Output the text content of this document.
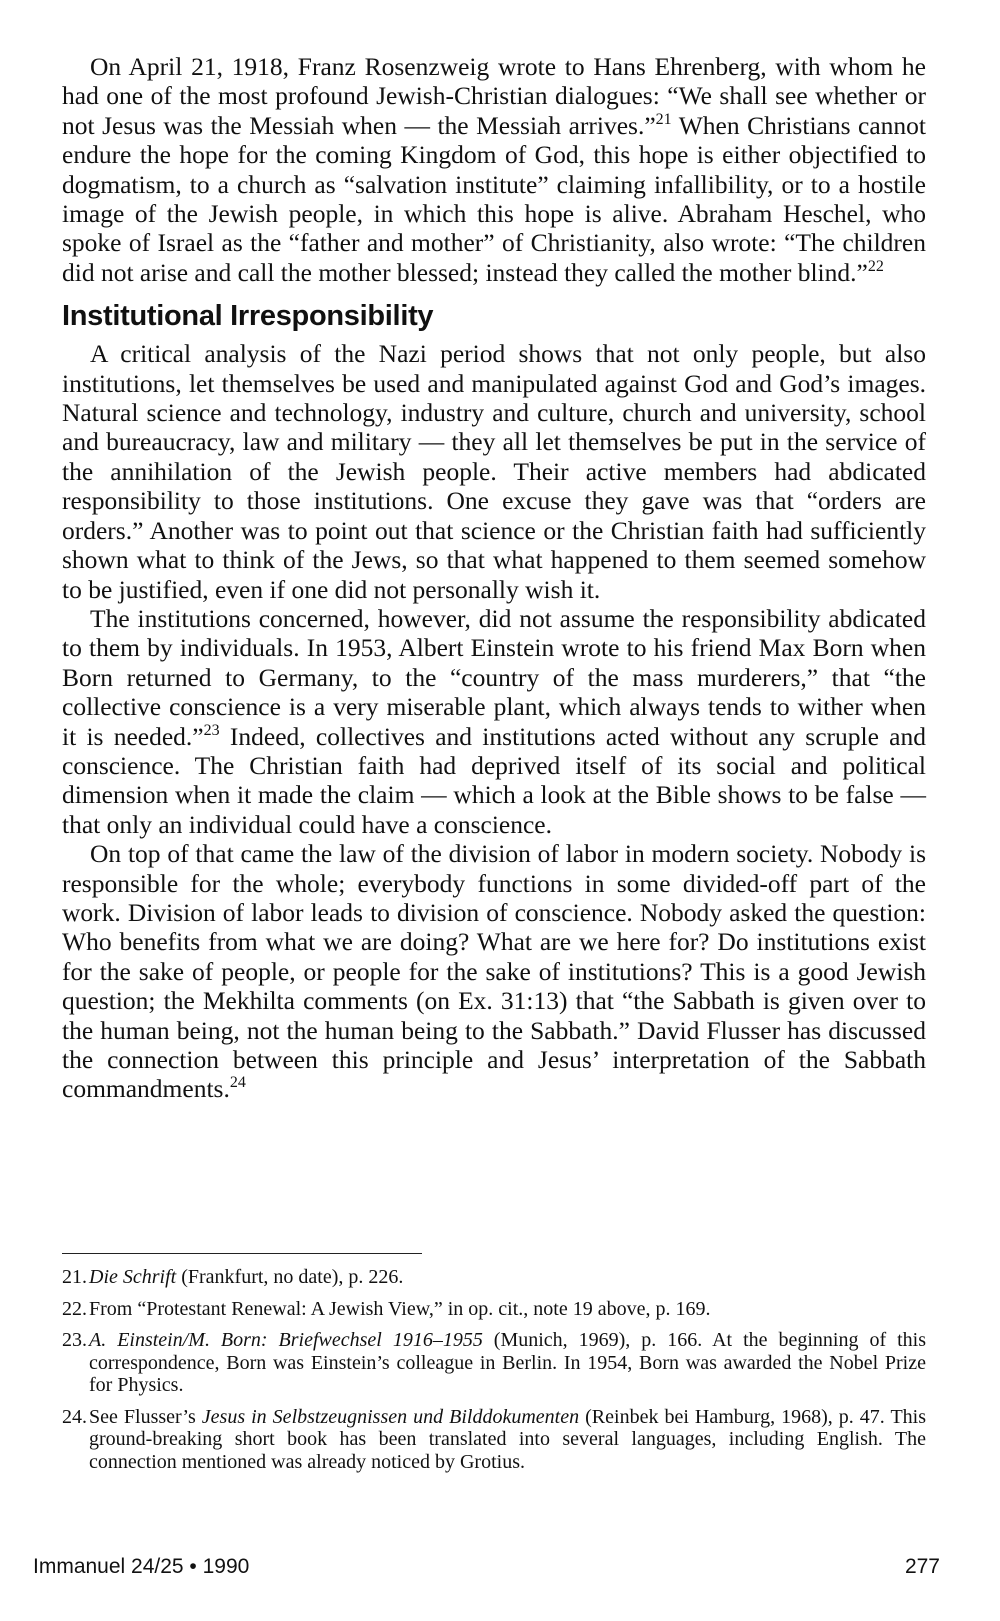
On April 21, 1918, Franz Rosenzweig wrote to Hans Ehrenberg, with whom he had one of the most profound Jewish-Christian dialogues: “We shall see whether or not Jesus was the Messiah when — the Messiah arrives.”$^{21}$ When Christians cannot endure the hope for the coming Kingdom of God, this hope is either objectified to dogmatism, to a church as “salvation institute” claiming infallibility, or to a hostile image of the Jewish people, in which this hope is alive. Abraham Heschel, who spoke of Israel as the “father and mother” of Christianity, also wrote: “The children did not arise and call the mother blessed; instead they called the mother blind.”$^{22}$

Institutional Irresponsibility

A critical analysis of the Nazi period shows that not only people, but also institutions, let themselves be used and manipulated against God and God’s images. Natural science and technology, industry and culture, church and university, school and bureaucracy, law and military — they all let themselves be put in the service of the annihilation of the Jewish people. Their active members had abdicated responsibility to those institutions. One excuse they gave was that “orders are orders.” Another was to point out that science or the Christian faith had sufficiently shown what to think of the Jews, so that what happened to them seemed somehow to be justified, even if one did not personally wish it.

The institutions concerned, however, did not assume the responsibility abdicated to them by individuals. In 1953, Albert Einstein wrote to his friend Max Born when Born returned to Germany, to the “country of the mass murderers,” that “the collective conscience is a very miserable plant, which always tends to wither when it is needed.”$^{23}$ Indeed, collectives and institutions acted without any scruple and conscience. The Christian faith had deprived itself of its social and political dimension when it made the claim — which a look at the Bible shows to be false — that only an individual could have a conscience.

On top of that came the law of the division of labor in modern society. Nobody is responsible for the whole; everybody functions in some divided-off part of the work. Division of labor leads to division of conscience. Nobody asked the question: Who benefits from what we are doing? What are we here for? Do institutions exist for the sake of people, or people for the sake of institutions? This is a good Jewish question; the Mekhilta comments (on Ex. 31:13) that “the Sabbath is given over to the human being, not the human being to the Sabbath.” David Flusser has discussed the connection between this principle and Jesus’ interpretation of the Sabbath commandments.$^{24}$

21. Die Schrift (Frankfurt, no date), p. 226.
22. From “Protestant Renewal: A Jewish View,” in op. cit., note 19 above, p. 169.
23. A. Einstein/M. Born: Briefwechsel 1916–1955 (Munich, 1969), p. 166. At the beginning of this correspondence, Born was Einstein’s colleague in Berlin. In 1954, Born was awarded the Nobel Prize for Physics.
24. See Flusser’s Jesus in Selbstzeugnissen und Bilddokumenten (Reinbek bei Hamburg, 1968), p. 47. This ground-breaking short book has been translated into several languages, including English. The connection mentioned was already noticed by Grotius.
Immanuel 24/25 • 1990	277
